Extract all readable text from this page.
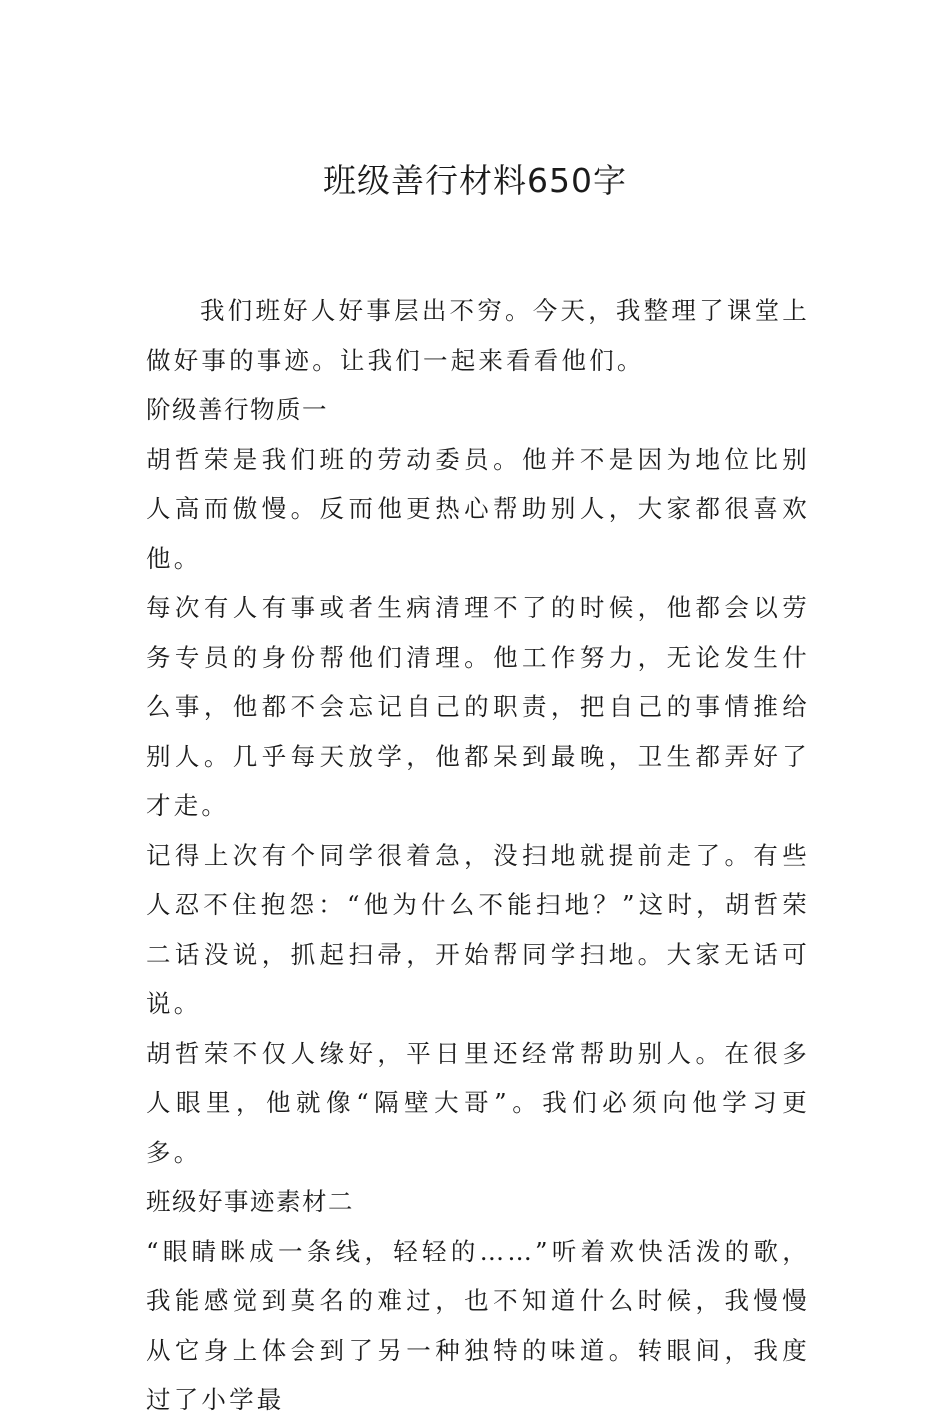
班级善行材料650字

我们班好人好事层出不穷。今天，我整理了课堂上做好事的事迹。让我们一起来看看他们。

阶级善行物质一

胡哲荣是我们班的劳动委员。他并不是因为地位比别人高而傲慢。反而他更热心帮助别人，大家都很喜欢他。

每次有人有事或者生病清理不了的时候，他都会以劳务专员的身份帮他们清理。他工作努力，无论发生什么事，他都不会忘记自己的职责，把自己的事情推给别人。几乎每天放学，他都呆到最晚，卫生都弄好了才走。

记得上次有个同学很着急，没扫地就提前走了。有些人忍不住抱怨：“他为什么不能扫地？”这时，胡哲荣二话没说，抓起扫帚，开始帮同学扫地。大家无话可说。

胡哲荣不仅人缘好，平日里还经常帮助别人。在很多人眼里，他就像“隔壁大哥”。我们必须向他学习更多。

班级好事迹素材二

“眼睛眯成一条线，轻轻的……”听着欢快活泼的歌，我能感觉到莫名的难过，也不知道什么时候，我慢慢从它身上体会到了另一种独特的味道。转眼间，我度过了小学最
